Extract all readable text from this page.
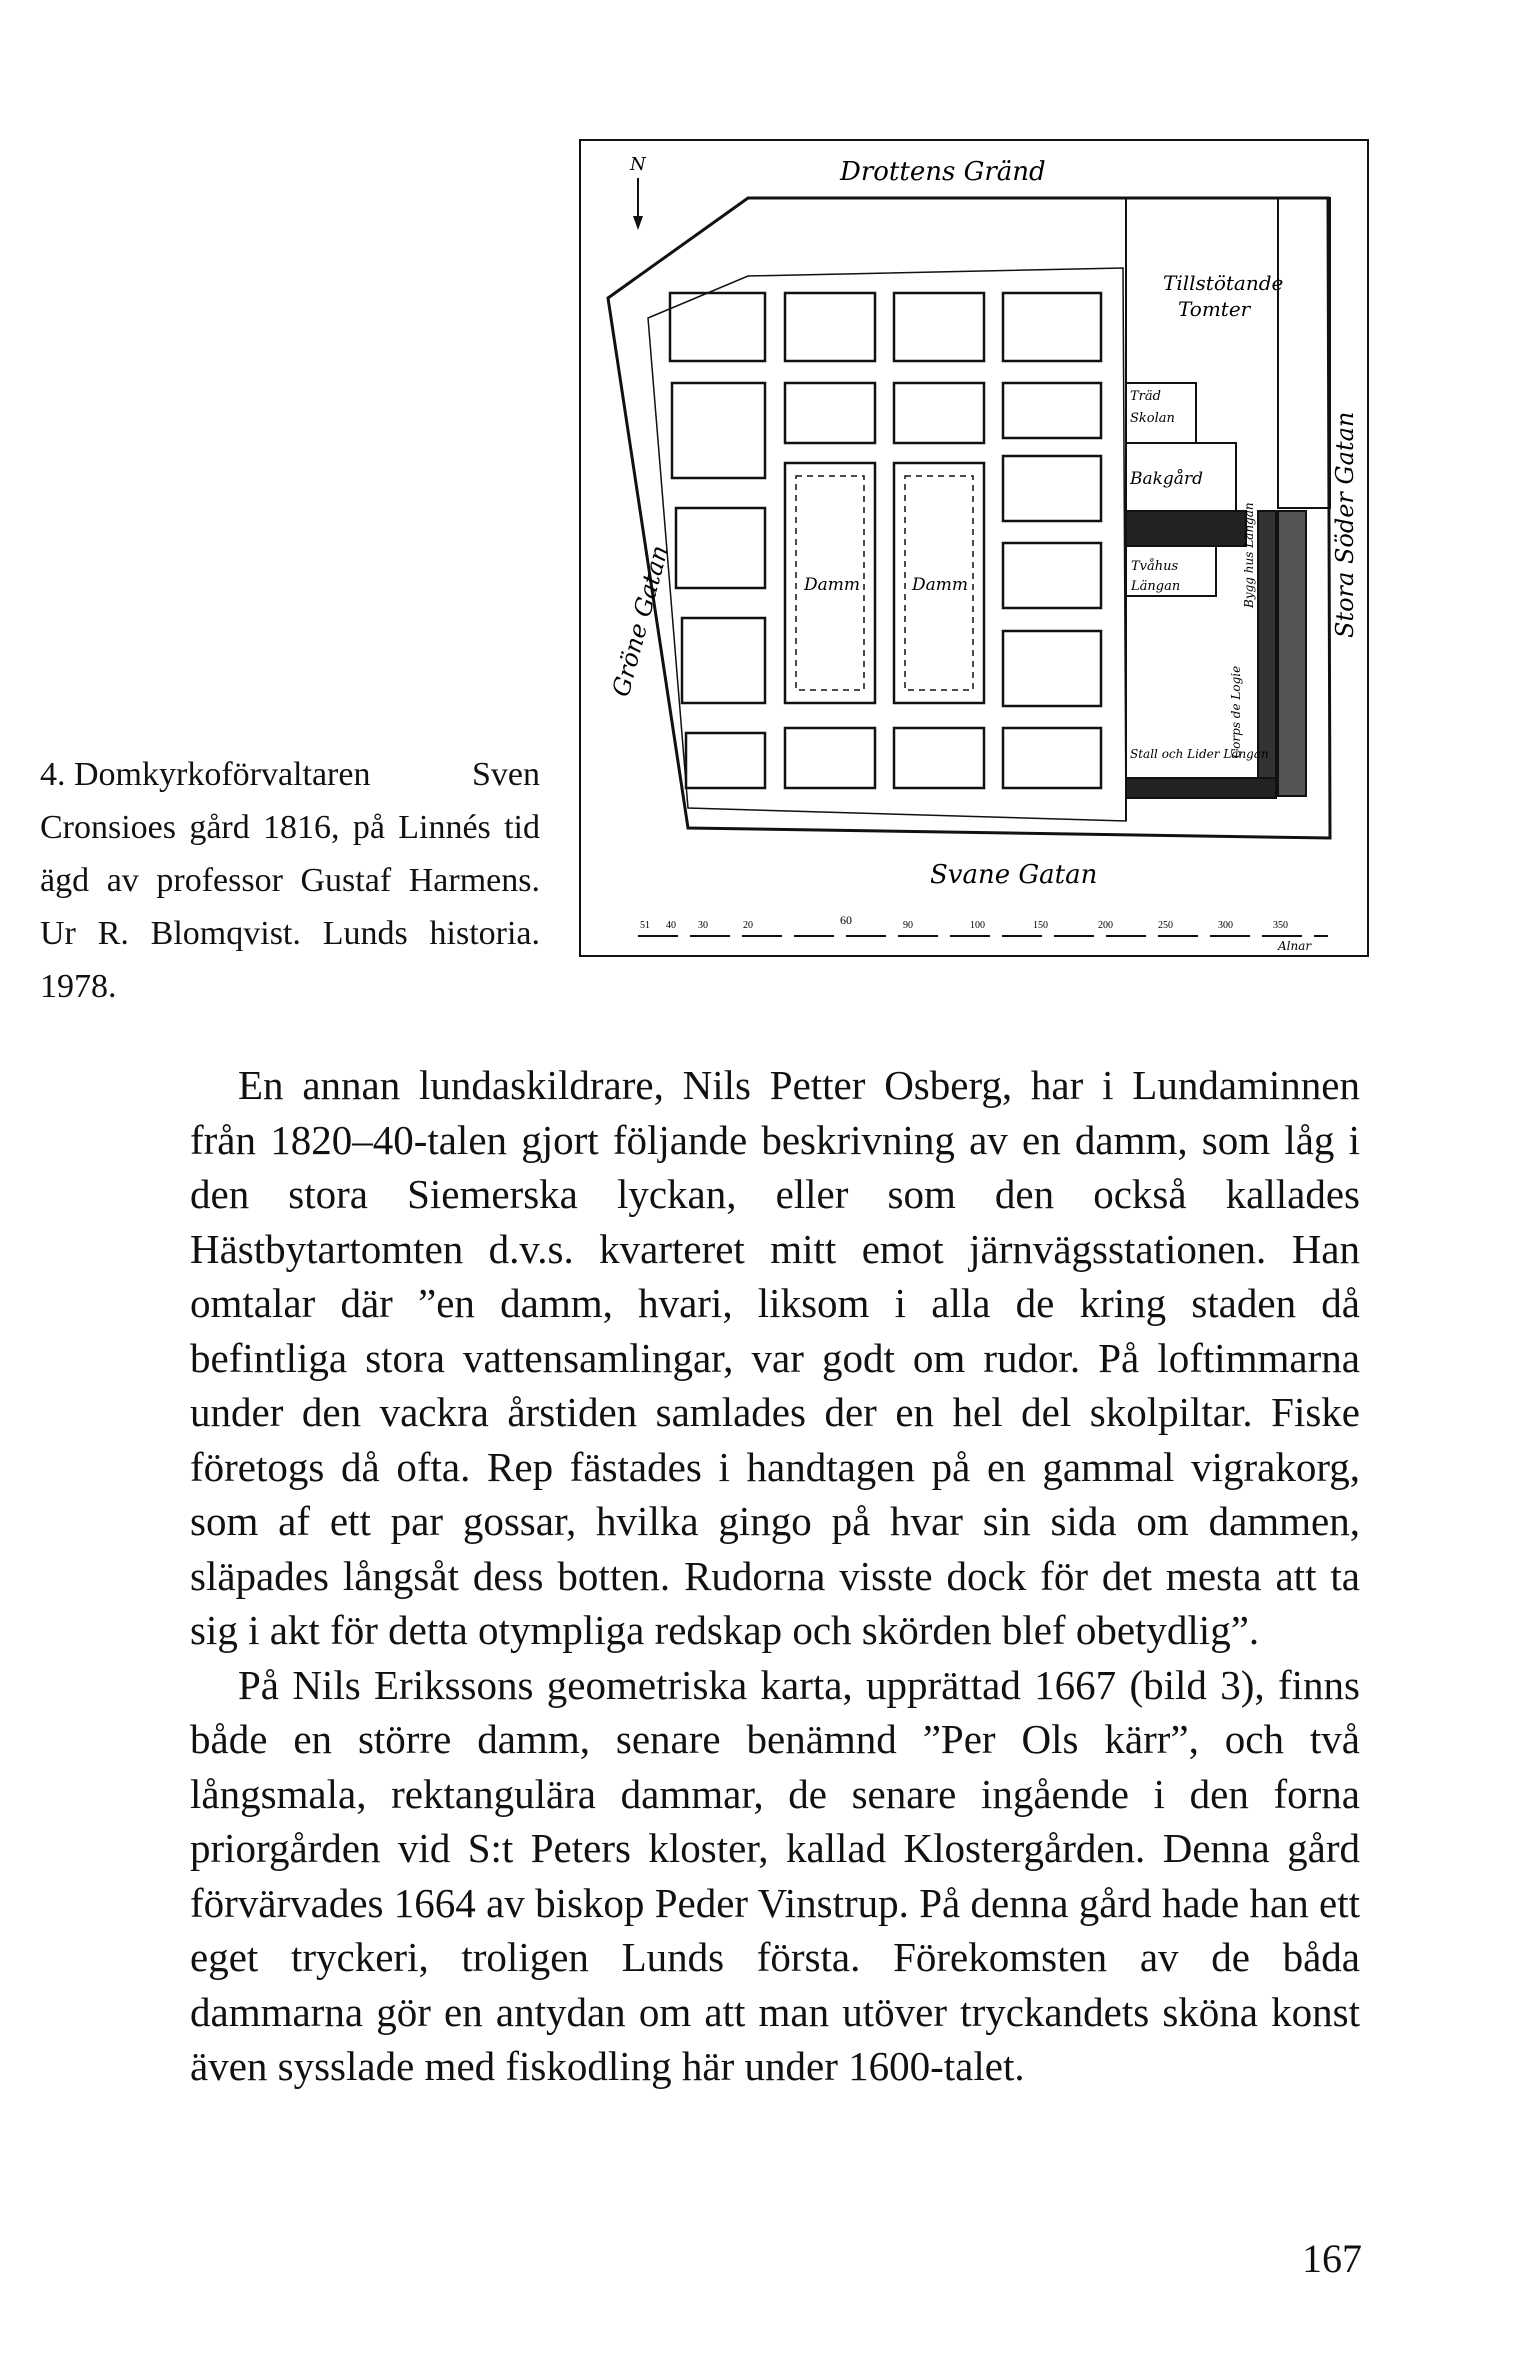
4. Domkyrkoförvaltaren	Sven
Cronsioes gård 1816, på Linnés tid ägd av professor Gustaf Harmens. Ur R. Blomqvist. Lunds historia. 1978.
N
Damm	Damm
Drottens Gränd
Tillstötande
Tomter
Träd
Skolan
Bakgård
Tvåhus
Längan
Stall och Lider Längan
Corps de Logie
Bygg hus Längan
Gröne Gatan	Stora Söder Gatan
Svane Gatan
51 40 30	20	60	90	100	150	200	250	300	350
Alnar

En annan lundaskildrare, Nils Petter Osberg, har i Lundaminnen från 1820–40-talen gjort följande beskrivning av en damm, som låg i den stora Siemerska lyckan, eller som den också kallades Hästbytartomten d.v.s. kvarteret mitt emot järnvägsstationen. Han omtalar där ”en damm, hvari, liksom i alla de kring staden då befintliga stora vattensamlingar, var godt om rudor. På loftimmarna under den vackra årstiden samlades der en hel del skolpiltar. Fiske företogs då ofta. Rep fästades i handtagen på en gammal vigrakorg, som af ett par gossar, hvilka gingo på hvar sin sida om dammen, släpades långsåt dess botten. Rudorna visste dock för det mesta att ta sig i akt för detta otympliga redskap och skörden blef obetydlig”.

På Nils Erikssons geometriska karta, upprättad 1667 (bild 3), finns både en större damm, senare benämnd ”Per Ols kärr”, och två långsmala, rektangulära dammar, de senare ingående i den forna priorgården vid S:t Peters kloster, kallad Klostergården. Denna gård förvärvades 1664 av biskop Peder Vinstrup. På denna gård hade han ett eget tryckeri, troligen Lunds första. Förekomsten av de båda dammarna gör en antydan om att man utöver tryckandets sköna konst även sysslade med fiskodling här under 1600-talet.

167
